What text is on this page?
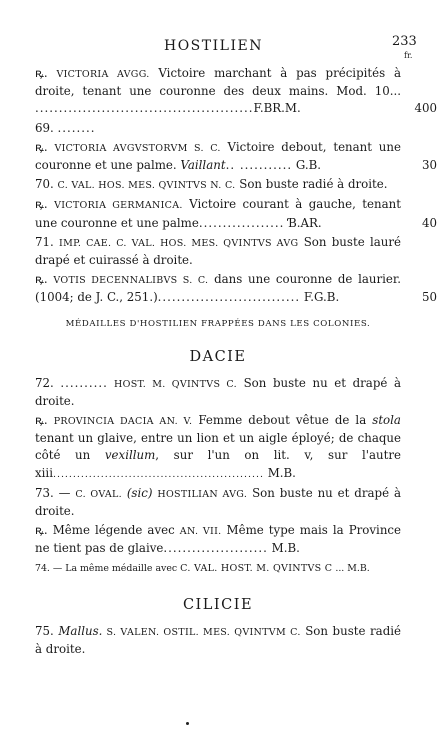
HOSTILIEN	233
fr.
ꝶ. VICTORIA AVGG. Victoire marchant à pas précipités à droite, tenant une couronne des deux mains. Mod. 10... ..............................................F.BR.M.	400
69. ........
ꝶ. VICTORIA AVGVSTORVM S. C. Victoire debout, tenant une couronne et une palme. Vaillant.. ........... G.B.	30
70. C. VAL. HOS. MES. QVINTVS N. C. Son buste radié à droite.
ꝶ. VICTORIA GERMANICA. Victoire courant à gauche, tenant une couronne et une palme.................. Ɓ.AR.	40
71. IMP. CAE. C. VAL. HOS. MES. QVINTVS AVG Son buste lauré drapé et cuirassé à droite.
ꝶ. VOTIS DECENNALIBVS S. C. dans une couronne de laurier. (1004; de J. C., 251.).............................. F.G.B.	50
MÉDAILLES D'HOSTILIEN FRAPPÉES DANS LES COLONIES.
DACIE
72. .......... HOST. M. QVINTVS C. Son buste nu et drapé à droite.
ꝶ. PROVINCIA DACIA AN. V. Femme debout vêtue de la stola tenant un glaive, entre un lion et un aigle éployé; de chaque côté un vexillum, sur l'un on lit. v, sur l'autre xiii..................................................... M.B.
73. — C. OVAL. (sic) HOSTILIAN AVG. Son buste nu et drapé à droite.
ꝶ. Même légende avec AN. VII. Même type mais la Province ne tient pas de glaive...................... M.B.
74. — La même médaille avec C. VAL. HOST. M. QVINTVS C ... M.B.
CILICIE
75. Mallus. S. VALEN. OSTIL. MES. QVINTVM C. Son buste radié à droite.
